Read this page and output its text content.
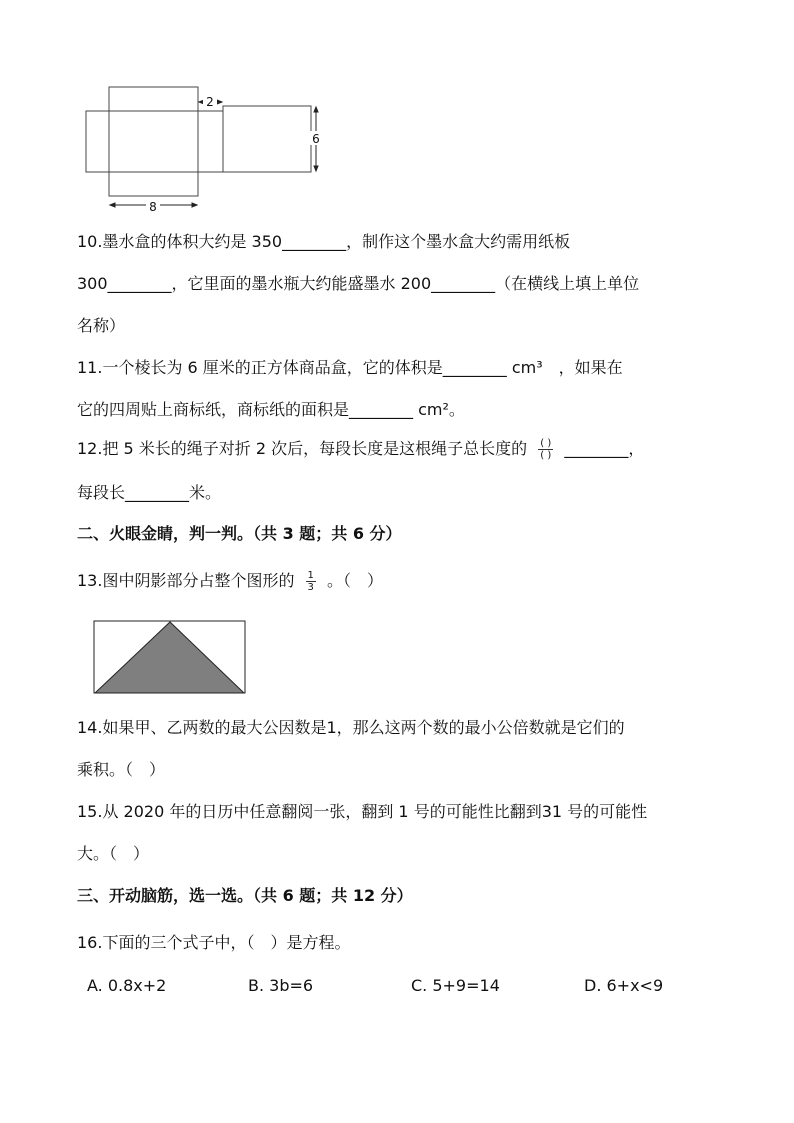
2
6
8
10.墨水盒的体积大约是 350________，制作这个墨水盒大约需用纸板
300________，它里面的墨水瓶大约能盛墨水 200________（在横线上填上单位
名称）
11.一个棱长为 6 厘米的正方体商品盒，它的体积是________ cm³　，如果在
它的四周贴上商标纸，商标纸的面积是________ cm²。
12.把 5 米长的绳子对折 2 次后，每段长度是这根绳子总长度的 $\frac{( )}{( )}$ ________，
每段长________米。
二、火眼金睛，判一判。（共 3 题；共 6 分）
13.图中阴影部分占整个图形的 $\frac{1}{3}$ 。（　）
14.如果甲、乙两数的最大公因数是1，那么这两个数的最小公倍数就是它们的
乘积。（　）
15.从 2020 年的日历中任意翻阅一张，翻到 1 号的可能性比翻到31 号的可能性
大。（　）
三、开动脑筋，选一选。（共 6 题；共 12 分）
16.下面的三个式子中，（　）是方程。
A. 0.8x+2	B. 3b=6	C. 5+9=14	D. 6+x<9
